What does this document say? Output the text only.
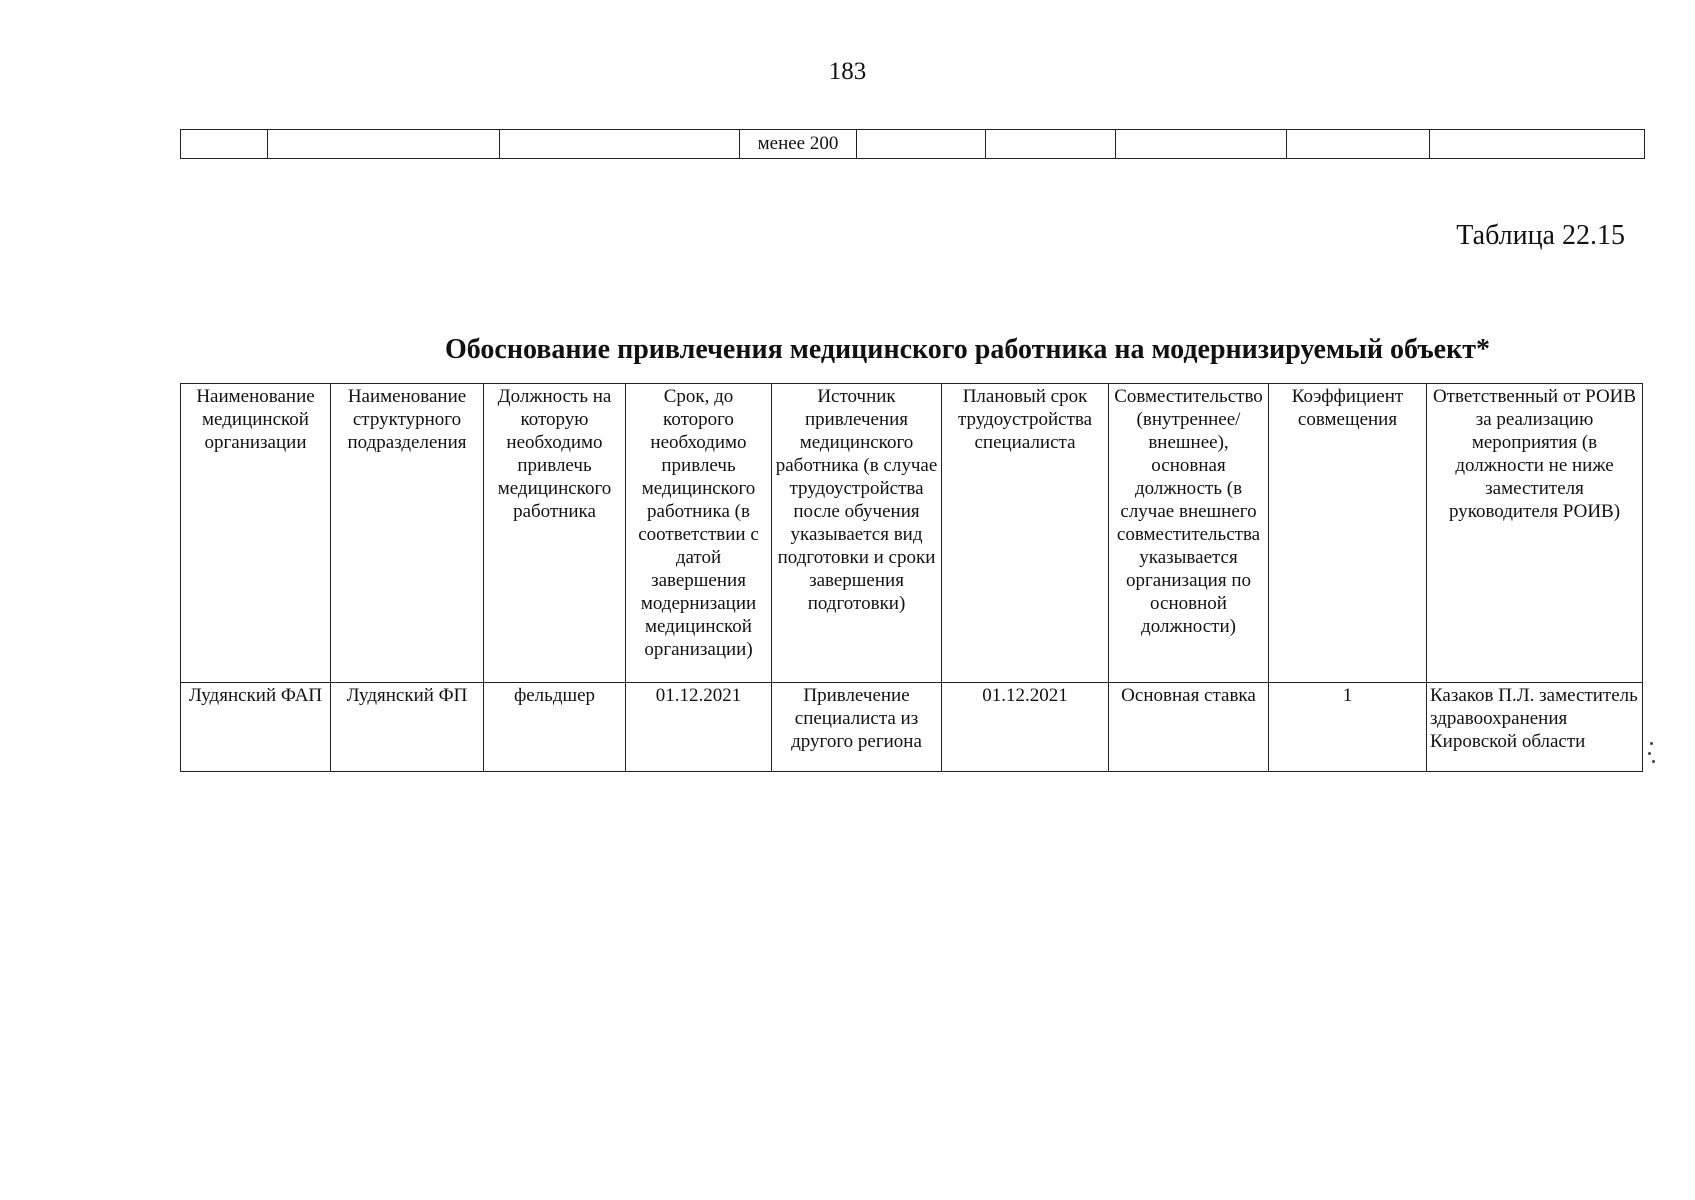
183
			менее 200					
Таблица 22.15
Обоснование привлечения медицинского работника на модернизируемый объект*
Наименование медицинской организации	Наименование структурного подразделения	Должность на которую необходимо привлечь медицинского работника	Срок, до которого необходимо привлечь медицинского работника (в соответствии с датой завершения модернизации медицинской организации)	Источник привлечения медицинского работника (в случае трудоустройства после обучения указывается вид подготовки и сроки завершения подготовки)	Плановый срок трудоустройства специалиста	Совместительство (внутреннее/внешнее), основная должность (в случае внешнего совместительства указывается организация по основной должности)	Коэффициент совмещения	Ответственный от РОИВ за реализацию мероприятия (в должности не ниже заместителя руководителя РОИВ)
Лудянский ФАП	Лудянский ФП	фельдшер	01.12.2021	Привлечение специалиста из другого региона	01.12.2021	Основная ставка	1	Казаков П.Л. заместитель здравоохранения Кировской области
